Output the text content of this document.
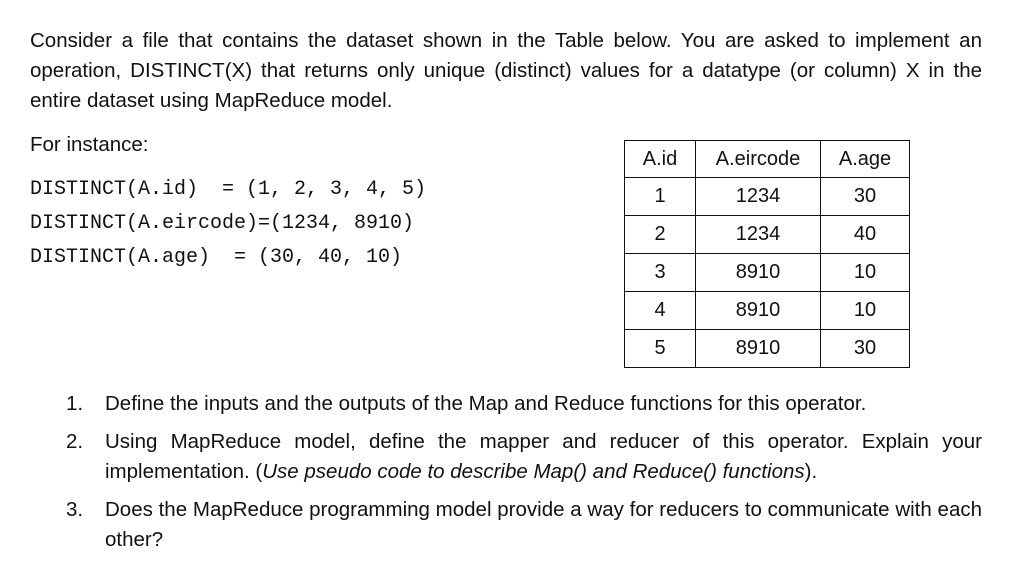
Consider a file that contains the dataset shown in the Table below. You are asked to implement an operation, DISTINCT(X) that returns only unique (distinct) values for a datatype (or column) X in the entire dataset using MapReduce model.

For instance:

DISTINCT(A.id)  = (1, 2, 3, 4, 5)
DISTINCT(A.eircode)=(1234, 8910)
DISTINCT(A.age)  = (30, 40, 10)
A.id	A.eircode	A.age
1	1234	30
2	1234	40
3	8910	10
4	8910	10
5	8910	30
1. Define the inputs and the outputs of the Map and Reduce functions for this operator.
2. Using MapReduce model, define the mapper and reducer of this operator. Explain your implementation. (Use pseudo code to describe Map() and Reduce() functions).
3. Does the MapReduce programming model provide a way for reducers to communicate with each other?
